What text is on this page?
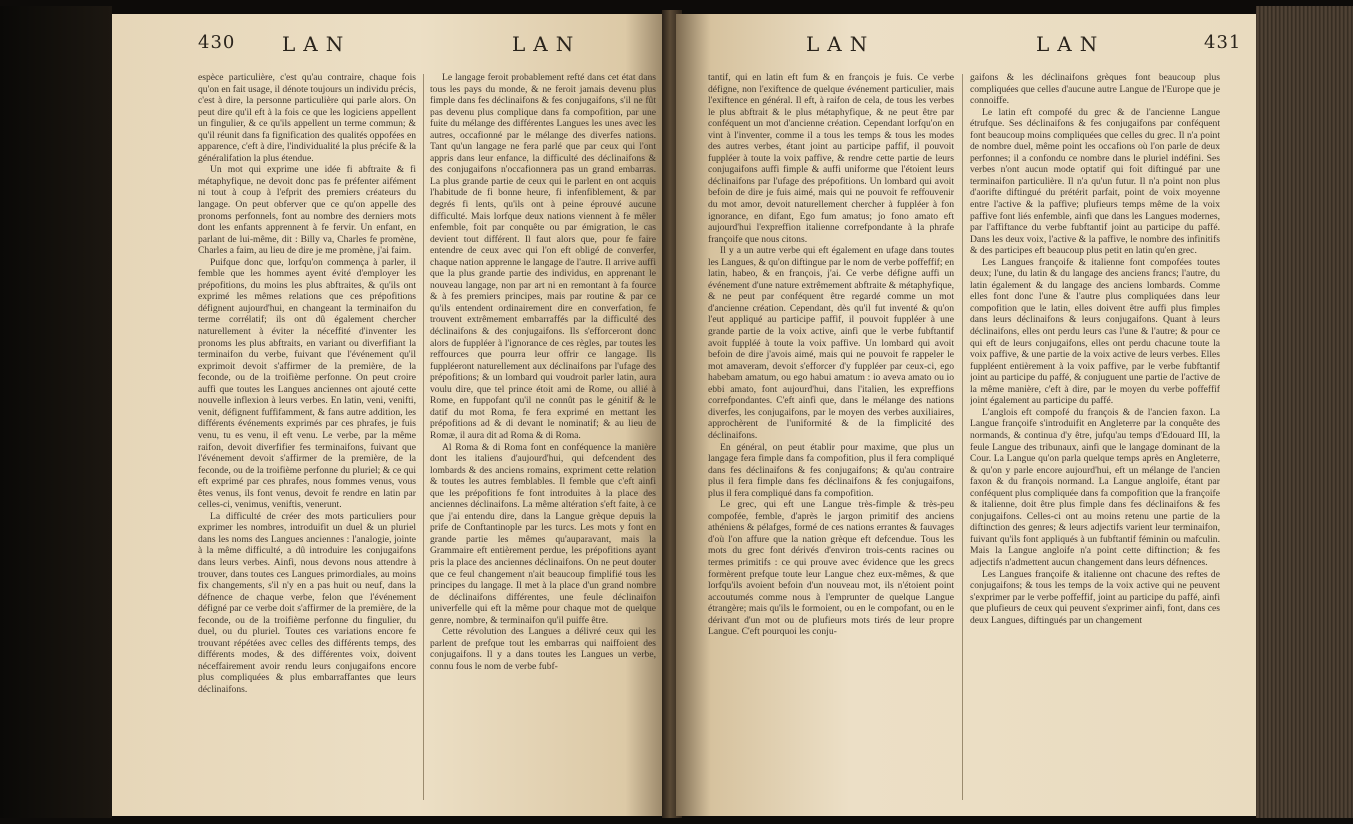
430 LAN	LAN

espèce particulière, c'est qu'au contraire, chaque fois qu'on en fait usage, il dénote toujours un individu précis, c'est à dire, la personne particulière qui parle alors. On peut dire qu'il eft à la fois ce que les logiciens appellent un fingulier, & ce qu'ils appellent un terme commun; & qu'il réunit dans fa fignification des qualités oppofées en apparence, c'eft à dire, l'individualité la plus précife & la généralifation la plus étendue.

Un mot qui exprime une idée fi abftraite & fi métaphyfique, ne devoit donc pas fe préfenter aifément ni tout à coup à l'efprit des premiers créateurs du langage. On peut obferver que ce qu'on appelle des pronoms perfonnels, font au nombre des derniers mots dont les enfants apprennent à fe fervir. Un enfant, en parlant de lui-même, dit : Billy va, Charles fe promène, Charles a faim, au lieu de dire je me promène, j'ai faim.

Puifque donc que, lorfqu'on commença à parler, il femble que les hommes ayent évité d'employer les prépofitions, du moins les plus abftraites, & qu'ils ont exprimé les mêmes relations que ces prépofitions défignent aujourd'hui, en changeant la terminaifon du terme corrélatif; ils ont dû également chercher naturellement à éviter la néceffité d'inventer les pronoms les plus abftraits, en variant ou diverfifiant la terminaifon du verbe, fuivant que l'événement qu'il exprimoit devoit s'affirmer de la première, de la feconde, ou de la troifième perfonne. On peut croire auffi que toutes les Langues anciennes ont ajouté cette nouvelle inflexion à leurs verbes. En latin, veni, venifti, venit, défignent fuffifamment, & fans autre addition, les différents événements exprimés par ces phrafes, je fuis venu, tu es venu, il eft venu. Le verbe, par la même raifon, devoit diverfifier fes terminaifons, fuivant que l'événement devoit s'affirmer de la première, de la feconde, ou de la troifième perfonne du pluriel; & ce qui eft exprimé par ces phrafes, nous fommes venus, vous êtes venus, ils font venus, devoit fe rendre en latin par celles-ci, venimus, veniftis, venerunt.

La difficulté de créer des mots particuliers pour exprimer les nombres, introduifit un duel & un pluriel dans les noms des Langues anciennes : l'analogie, jointe à la même difficulté, a dû introduire les conjugaifons dans leurs verbes. Ainfi, nous devons nous attendre à trouver, dans toutes ces Langues primordiales, au moins fix changements, s'il n'y en a pas huit ou neuf, dans la défnence de chaque verbe, felon que l'événement défigné par ce verbe doit s'affirmer de la première, de la feconde, ou de la troifième perfonne du fingulier, du duel, ou du pluriel. Toutes ces variations encore fe trouvant répétées avec celles des différents temps, des différents modes, & des différentes voix, doivent néceffairement avoir rendu leurs conjugaifons encore plus compliquées & plus embarraffantes que leurs déclinaifons.

Le langage feroit probablement refté dans cet état dans tous les pays du monde, & ne feroit jamais devenu plus fimple dans fes déclinaifons & fes conjugaifons, s'il ne fût pas devenu plus complique dans fa compofition, par une fuite du mélange des différentes Langues les unes avec les autres, occafionné par le mélange des diverfes nations. Tant qu'un langage ne fera parlé que par ceux qui l'ont appris dans leur enfance, la difficulté des déclinaifons & des conjugaifons n'occafionnera pas un grand embarras. La plus grande partie de ceux qui le parlent en ont acquis l'habitude de fi bonne heure, fi infenfiblement, & par degrés fi lents, qu'ils ont à peine éprouvé aucune difficulté. Mais lorfque deux nations viennent à fe mêler enfemble, foit par conquête ou par émigration, le cas devient tout différent. Il faut alors que, pour fe faire entendre de ceux avec qui l'on eft obligé de converfer, chaque nation apprenne le langage de l'autre. Il arrive auffi que la plus grande partie des individus, en apprenant le nouveau langage, non par art ni en remontant à fa fource & à fes premiers principes, mais par routine & par ce qu'ils entendent ordinairement dire en converfation, fe trouvent extrêmement embarraffés par la difficulté des déclinaifons & des conjugaifons. Ils s'efforceront donc alors de fuppléer à l'ignorance de ces règles, par toutes les reffources que pourra leur offrir ce langage. Ils fuppléeront naturellement aux déclinaifons par l'ufage des prépofitions; & un lombard qui voudroit parler latin, aura voulu dire, que tel prince étoit ami de Rome, ou allié à Rome, en fuppofant qu'il ne connût pas le génitif & le datif du mot Roma, fe fera exprimé en mettant les prépofitions ad & di devant le nominatif; & au lieu de Romæ, il aura dit ad Roma & di Roma.

Al Roma & di Roma font en conféquence la manière dont les italiens d'aujourd'hui, qui defcendent des lombards & des anciens romains, expriment cette relation & toutes les autres femblables. Il femble que c'eft ainfi que les prépofitions fe font introduites à la place des anciennes déclinaifons. La même altération s'eft faite, à ce que j'ai entendu dire, dans la Langue grèque depuis la prife de Conftantinople par les turcs. Les mots y font en grande partie les mêmes qu'auparavant, mais la Grammaire eft entièrement perdue, les prépofitions ayant pris la place des anciennes déclinaifons. On ne peut douter que ce feul changement n'ait beaucoup fimplifié tous les principes du langage. Il met à la place d'un grand nombre de déclinaifons différentes, une feule déclinaifon univerfelle qui eft la même pour chaque mot de quelque genre, nombre, & terminaifon qu'il puiffe être.

Cette révolution des Langues a délivré ceux qui les parlent de prefque tout les embarras qui naiffoient des conjugaifons. Il y a dans toutes les Langues un verbe, connu fous le nom de verbe fubf-

LAN	LAN	431

tantif, qui en latin eft fum & en françois je fuis. Ce verbe défigne, non l'exiftence de quelque événement particulier, mais l'exiftence en général. Il eft, à raifon de cela, de tous les verbes le plus abftrait & le plus métaphyfique, & ne peut être par conféquent un mot d'ancienne création. Cependant lorfqu'on en vint à l'inventer, comme il a tous les temps & tous les modes des autres verbes, étant joint au participe paffif, il pouvoit fuppléer à toute la voix paffive, & rendre cette partie de leurs conjugaifons auffi fimple & auffi uniforme que l'étoient leurs déclinaifons par l'ufage des prépofitions. Un lombard qui avoit befoin de dire je fuis aimé, mais qui ne pouvoit fe reffouvenir du mot amor, devoit naturellement chercher à fuppléer à fon ignorance, en difant, Ego fum amatus; jo fono amato eft aujourd'hui l'expreffion italienne correfpondante à la phrafe françoife que nous citons.

Il y a un autre verbe qui eft également en ufage dans toutes les Langues, & qu'on diftingue par le nom de verbe poffeffif; en latin, habeo, & en françois, j'ai. Ce verbe défigne auffi un événement d'une nature extrêmement abftraite & métaphyfique, & ne peut par conféquent être regardé comme un mot d'ancienne création. Cependant, dès qu'il fut inventé & qu'on l'eut appliqué au participe paffif, il pouvoit fuppléer à une grande partie de la voix active, ainfi que le verbe fubftantif avoit fuppléé à toute la voix paffive. Un lombard qui avoit befoin de dire j'avois aimé, mais qui ne pouvoit fe rappeler le mot amaveram, devoit s'efforcer d'y fuppléer par ceux-ci, ego habebam amatum, ou ego habui amatum : io aveva amato ou io ebbi amato, font aujourd'hui, dans l'italien, les expreffions correfpondantes. C'eft ainfi que, dans le mélange des nations diverfes, les conjugaifons, par le moyen des verbes auxiliaires, approchèrent de l'uniformité & de la fimplicité des déclinaifons.

En général, on peut établir pour maxime, que plus un langage fera fimple dans fa compofition, plus il fera compliqué dans fes déclinaifons & fes conjugaifons; & qu'au contraire plus il fera fimple dans fes déclinaifons & fes conjugaifons, plus il fera compliqué dans fa compofition.

Le grec, qui eft une Langue très-fimple & très-peu compofée, femble, d'après le jargon primitif des anciens athéniens & pélafges, formé de ces nations errantes & fauvages d'où l'on affure que la nation grèque eft defcendue. Tous les mots du grec font dérivés d'environ trois-cents racines ou termes primitifs : ce qui prouve avec évidence que les grecs formèrent prefque toute leur Langue chez eux-mêmes, & que lorfqu'ils avoient befoin d'un nouveau mot, ils n'étoient point accoutumés comme nous à l'emprunter de quelque Langue étrangère; mais qu'ils le formoient, ou en le compofant, ou en le dérivant d'un mot ou de plufieurs mots tirés de leur propre Langue. C'eft pourquoi les conju-

gaifons & les déclinaifons grèques font beaucoup plus compliquées que celles d'aucune autre Langue de l'Europe que je connoiffe.

Le latin eft compofé du grec & de l'ancienne Langue étrufque. Ses déclinaifons & fes conjugaifons par conféquent font beaucoup moins compliquées que celles du grec. Il n'a point de nombre duel, même point les occafions où l'on parle de deux perfonnes; il a confondu ce nombre dans le pluriel indéfini. Ses verbes n'ont aucun mode optatif qui foit diftingué par une terminaifon particulière. Il n'a qu'un futur. Il n'a point non plus d'aorifte diftingué du prétérit parfait, point de voix moyenne entre l'active & la paffive; plufieurs temps même de la voix paffive font liés enfemble, ainfi que dans les Langues modernes, par l'affiftance du verbe fubftantif joint au participe du paffé. Dans les deux voix, l'active & la paffive, le nombre des infinitifs & des participes eft beaucoup plus petit en latin qu'en grec.

Les Langues françoife & italienne font compofées toutes deux; l'une, du latin & du langage des anciens francs; l'autre, du latin également & du langage des anciens lombards. Comme elles font donc l'une & l'autre plus compliquées dans leur compofition que le latin, elles doivent être auffi plus fimples dans leurs déclinaifons & leurs conjugaifons. Quant à leurs déclinaifons, elles ont perdu leurs cas l'une & l'autre; & pour ce qui eft de leurs conjugaifons, elles ont perdu chacune toute la voix paffive, & une partie de la voix active de leurs verbes. Elles fuppléent entièrement à la voix paffive, par le verbe fubftantif joint au participe du paffé, & conjuguent une partie de l'active de la même manière, c'eft à dire, par le moyen du verbe poffeffif joint également au participe du paffé.

L'anglois eft compofé du françois & de l'ancien faxon. La Langue françoife s'introduifit en Angleterre par la conquête des normands, & continua d'y être, jufqu'au temps d'Edouard III, la feule Langue des tribunaux, ainfi que le langage dominant de la Cour. La Langue qu'on parla quelque temps après en Angleterre, & qu'on y parle encore aujourd'hui, eft un mélange de l'ancien faxon & du françois normand. La Langue angloife, étant par conféquent plus compliquée dans fa compofition que la françoife & italienne, doit être plus fimple dans fes déclinaifons & fes conjugaifons. Celles-ci ont au moins retenu une partie de la diftinction des genres; & leurs adjectifs varient leur terminaifon, fuivant qu'ils font appliqués à un fubftantif féminin ou mafculin. Mais la Langue angloife n'a point cette diftinction; & fes adjectifs n'admettent aucun changement dans leurs défnences.

Les Langues françoife & italienne ont chacune des reftes de conjugaifons; & tous les temps de la voix active qui ne peuvent s'exprimer par le verbe poffeffif, joint au participe du paffé, ainfi que plufieurs de ceux qui peuvent s'exprimer ainfi, font, dans ces deux Langues, diftingués par un changement
